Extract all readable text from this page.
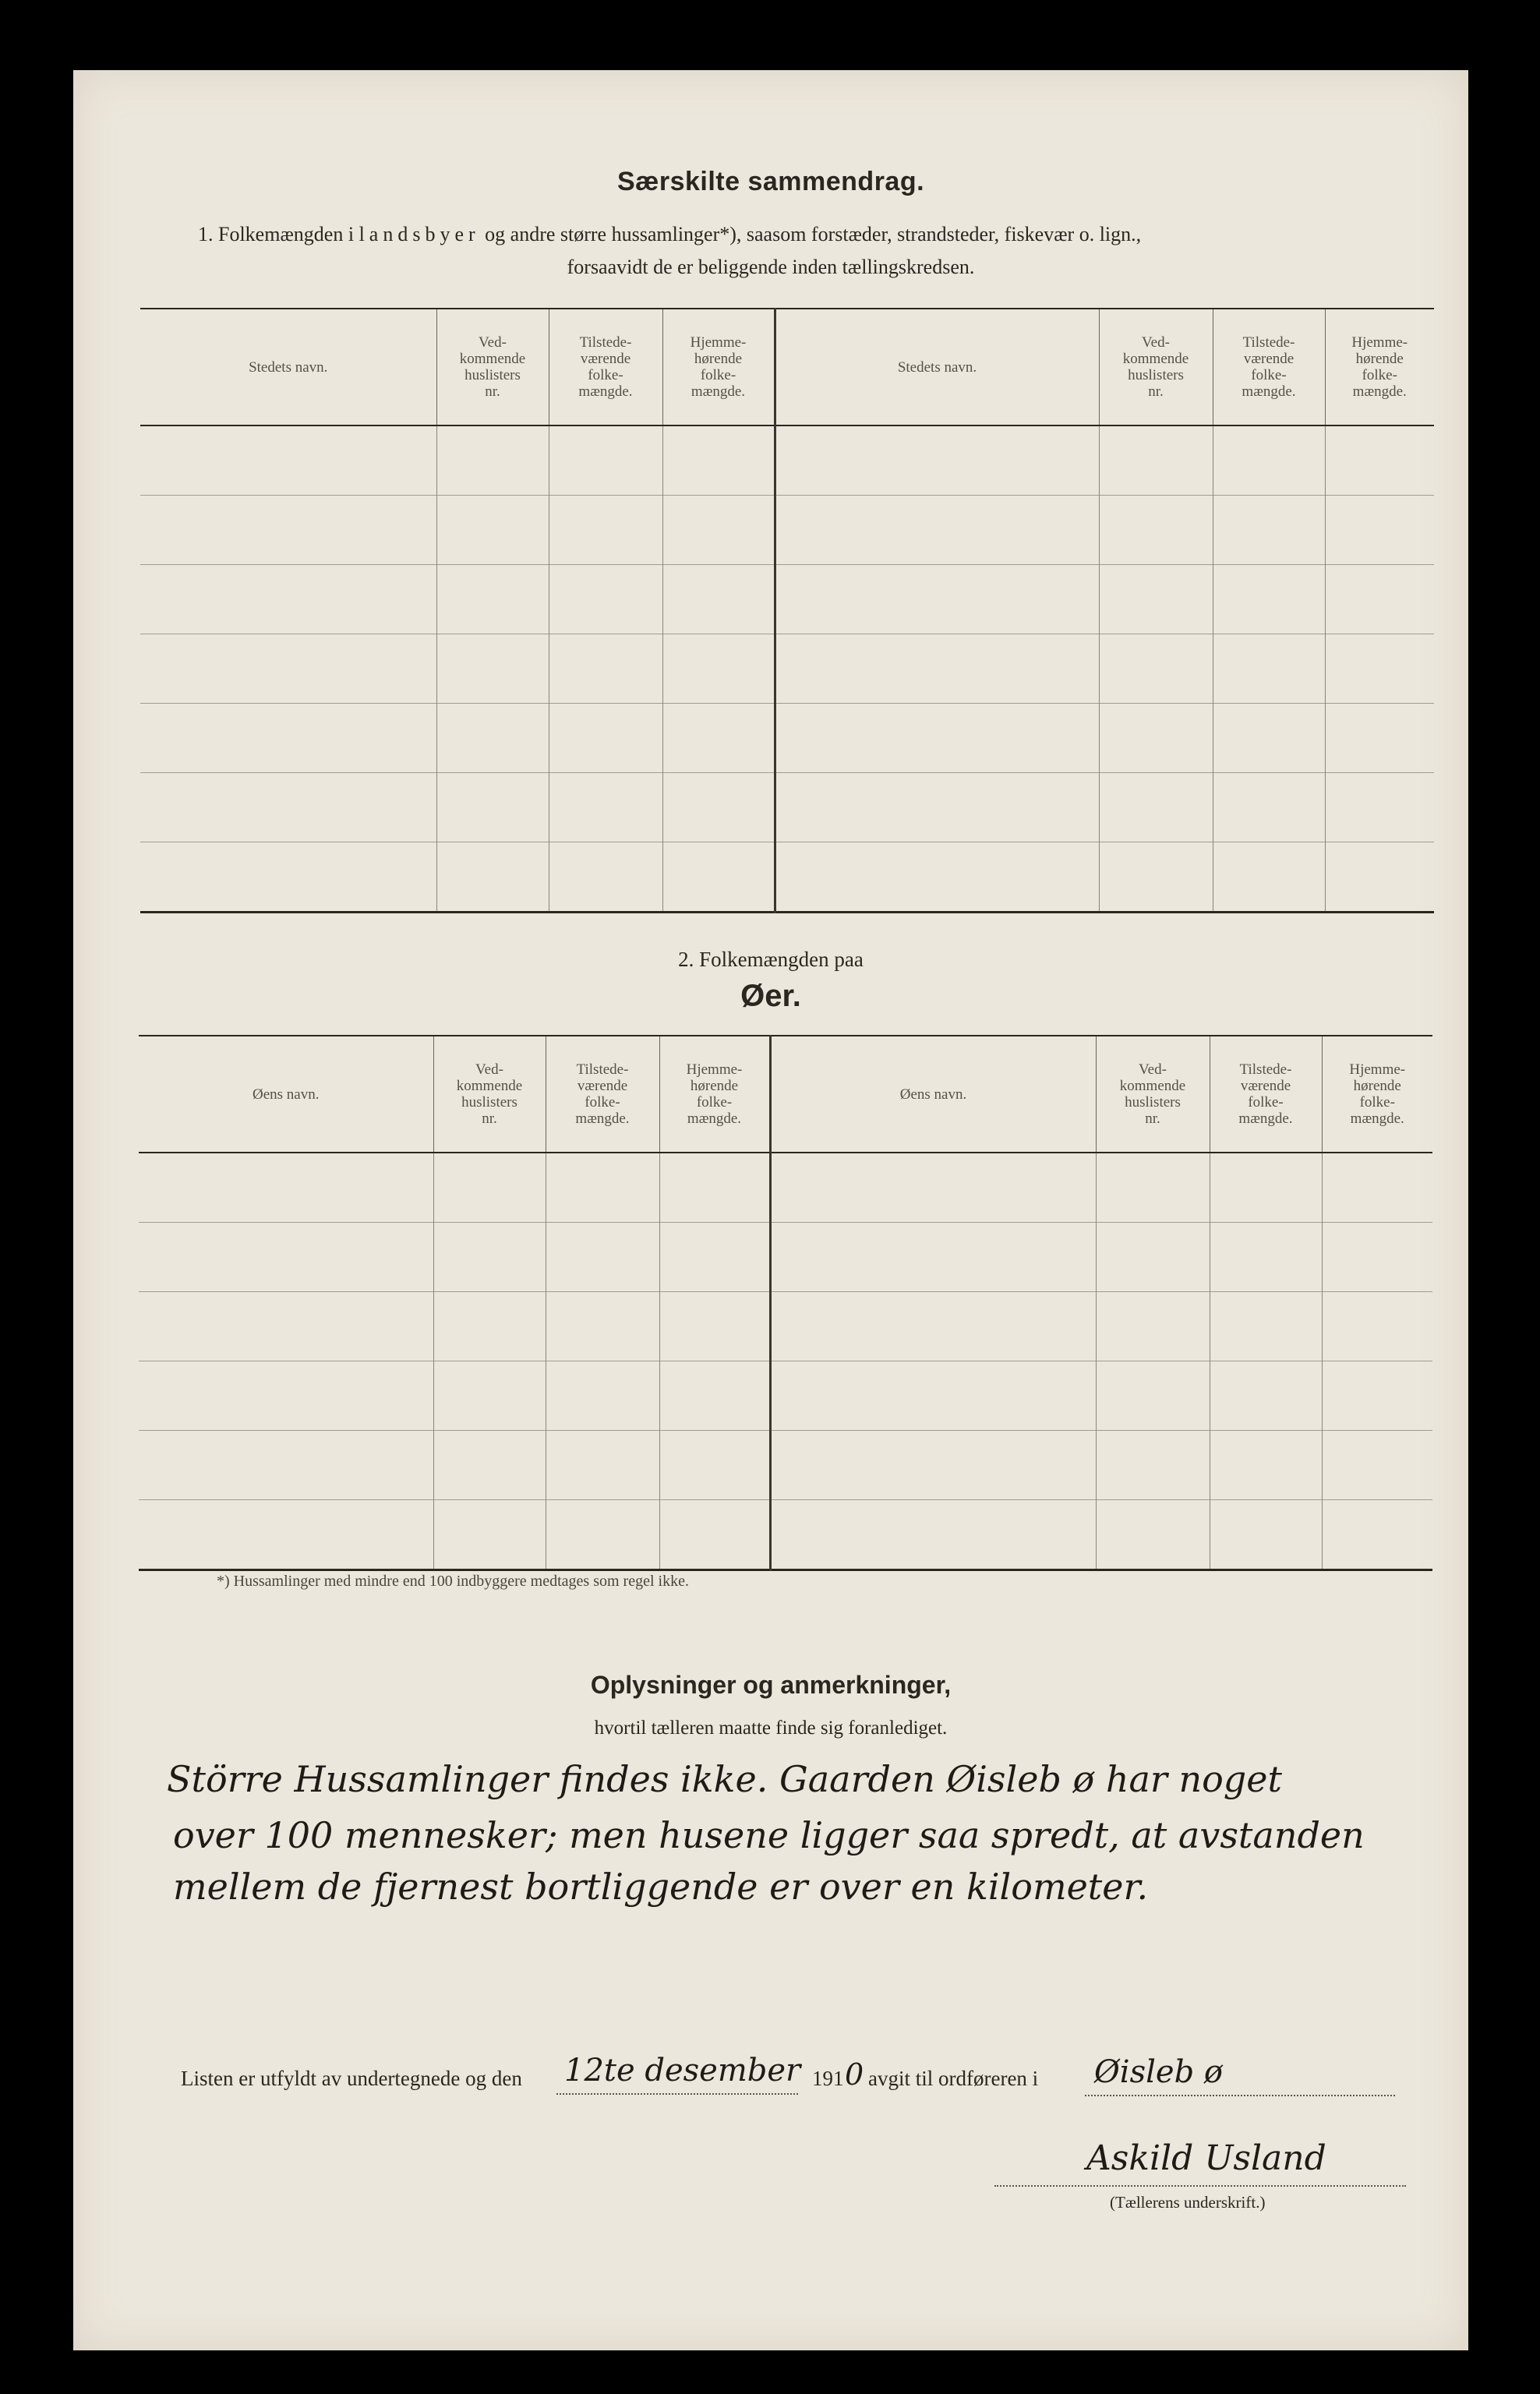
Særskilte sammendrag.
1. Folkemængden i landsbyer og andre større hussamlinger*), saasom forstæder, strandsteder, fiskevær o. lign.,
forsaavidt de er beliggende inden tællingskredsen.
Stedets navn.	Ved-
kommende
huslisters
nr.	Tilstede-
værende
folke-
mængde.	Hjemme-
hørende
folke-
mængde.	Stedets navn.	Ved-
kommende
huslisters
nr.	Tilstede-
værende
folke-
mængde.	Hjemme-
hørende
folke-
mængde.

2. Folkemængden paa
Øer.
Øens navn.	Ved-
kommende
huslisters
nr.	Tilstede-
værende
folke-
mængde.	Hjemme-
hørende
folke-
mængde.	Øens navn.	Ved-
kommende
huslisters
nr.	Tilstede-
værende
folke-
mængde.	Hjemme-
hørende
folke-
mængde.

*) Hussamlinger med mindre end 100 indbyggere medtages som regel ikke.
Oplysninger og anmerkninger,
hvortil tælleren maatte finde sig foranlediget.
Större Hussamlinger findes ikke. Gaarden Øisleb ø har noget
over 100 mennesker; men husene ligger saa spredt, at avstanden
mellem de fjernest bortliggende er over en kilometer.
Listen er utfyldt av undertegnede og den 12te desember 191 0 avgit til ordføreren i Øisleb ø
Askild Usland
(Tællerens underskrift.)
